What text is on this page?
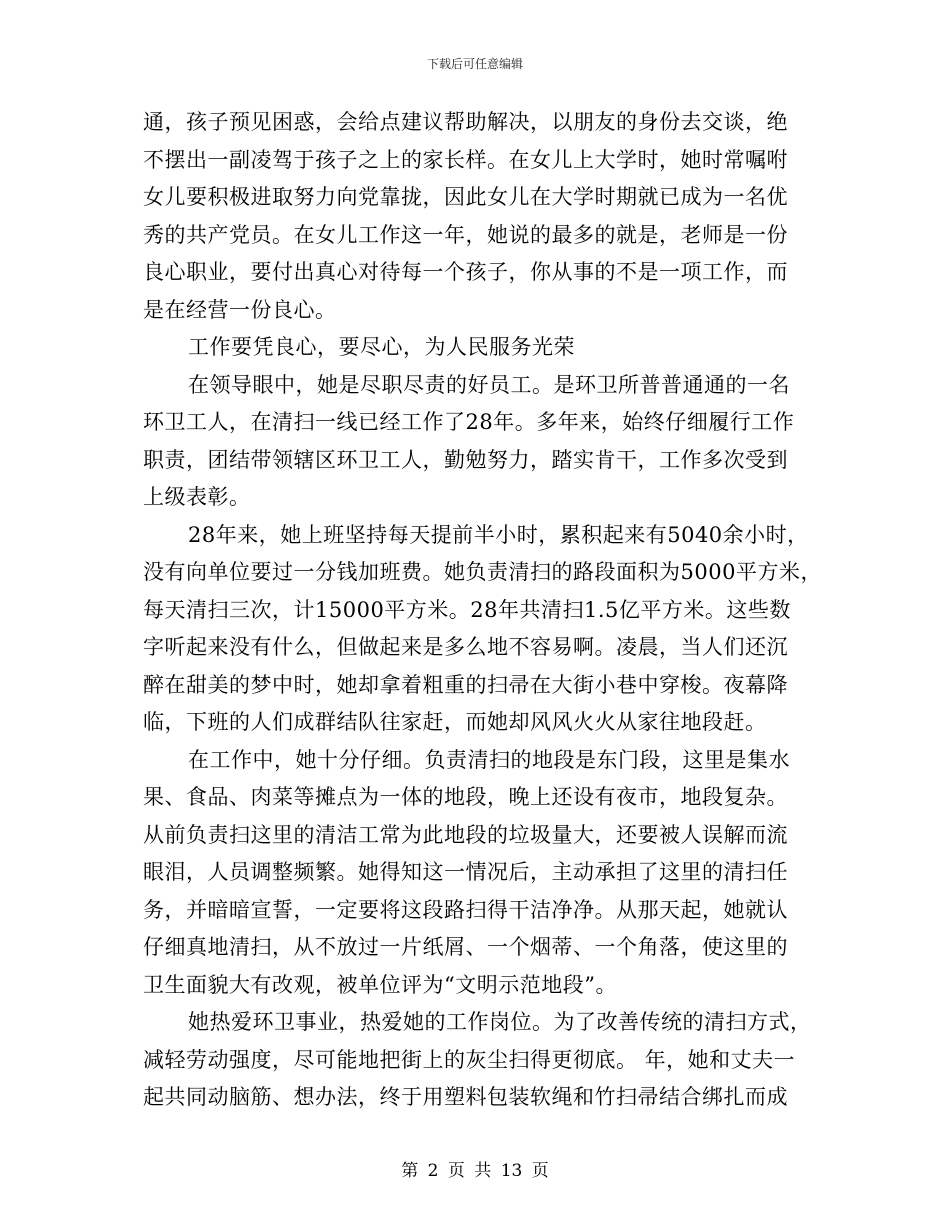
下载后可任意编辑
通，孩子预见困惑，会给点建议帮助解决，以朋友的身份去交谈，绝
不摆出一副凌驾于孩子之上的家长样。在女儿上大学时，她时常嘱咐
女儿要积极进取努力向党靠拢，因此女儿在大学时期就已成为一名优
秀的共产党员。在女儿工作这一年，她说的最多的就是，老师是一份
良心职业，要付出真心对待每一个孩子，你从事的不是一项工作，而
是在经营一份良心。
工作要凭良心，要尽心，为人民服务光荣
在领导眼中，她是尽职尽责的好员工。是环卫所普普通通的一名
环卫工人，在清扫一线已经工作了28年。多年来，始终仔细履行工作
职责，团结带领辖区环卫工人，勤勉努力，踏实肯干，工作多次受到
上级表彰。
28年来，她上班坚持每天提前半小时，累积起来有5040余小时，
没有向单位要过一分钱加班费。她负责清扫的路段面积为5000平方米，
每天清扫三次，计15000平方米。28年共清扫1.5亿平方米。这些数
字听起来没有什么，但做起来是多么地不容易啊。凌晨，当人们还沉
醉在甜美的梦中时，她却拿着粗重的扫帚在大街小巷中穿梭。夜幕降
临，下班的人们成群结队往家赶，而她却风风火火从家往地段赶。
在工作中，她十分仔细。负责清扫的地段是东门段，这里是集水
果、食品、肉菜等摊点为一体的地段，晚上还设有夜市，地段复杂。
从前负责扫这里的清洁工常为此地段的垃圾量大，还要被人误解而流
眼泪，人员调整频繁。她得知这一情况后，主动承担了这里的清扫任
务，并暗暗宣誓，一定要将这段路扫得干洁净净。从那天起，她就认
仔细真地清扫，从不放过一片纸屑、一个烟蒂、一个角落，使这里的
卫生面貌大有改观，被单位评为“文明示范地段”。
她热爱环卫事业，热爱她的工作岗位。为了改善传统的清扫方式，
减轻劳动强度，尽可能地把街上的灰尘扫得更彻底。 年，她和丈夫一
起共同动脑筋、想办法，终于用塑料包装软绳和竹扫帚结合绑扎而成
第 2 页 共 13 页
